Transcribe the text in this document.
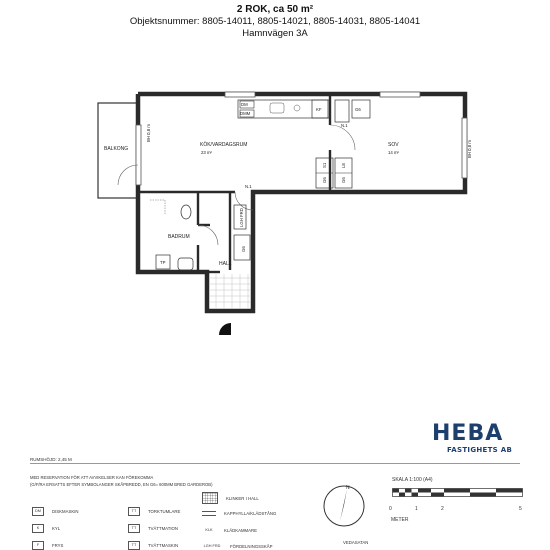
2 ROK, ca 50 m²
Objektsnummer: 8805-14011, 8805-14021, 8805-14031, 8805-14041
Hamnvägen 3A
BALKONG
KÖK/VARDAGSRUM
23 m²
SOV
14 m²
BADRUM
HALL
DM
DMM
KF	G6
N.1
N.1
S1	L8
G6	G6
TP
LGH FRD
G6
BH 0,8 m
BH 0,8 m
HEBA
FASTIGHETS AB
RUMSHÖJD: 2,45 M
MED RESERVATION FÖR ATT AVVIKELSER KAN FÖREKOMMA
(G/F/RA ERSATTS EFTER SYMBOLANGER SKÅPBREDD, EN G6= 600MM BRED GARDEROB)
DM	DISKMASKIN
K	KYL
F	FRYS
TT	TORKTUMLARE
TT	TVÄTTMATION
TT	TVÄTTMASKIN
KLINKER I HALL
KAPPHYLLA/KLÄDSTÅNG
KLK	KLÄDKAMMARE
LGH FRD	FÖRDELNINGSSKÅP
N
VEDASATAN
SKALA 1:100 (A4)
0	1	2	5
METER
